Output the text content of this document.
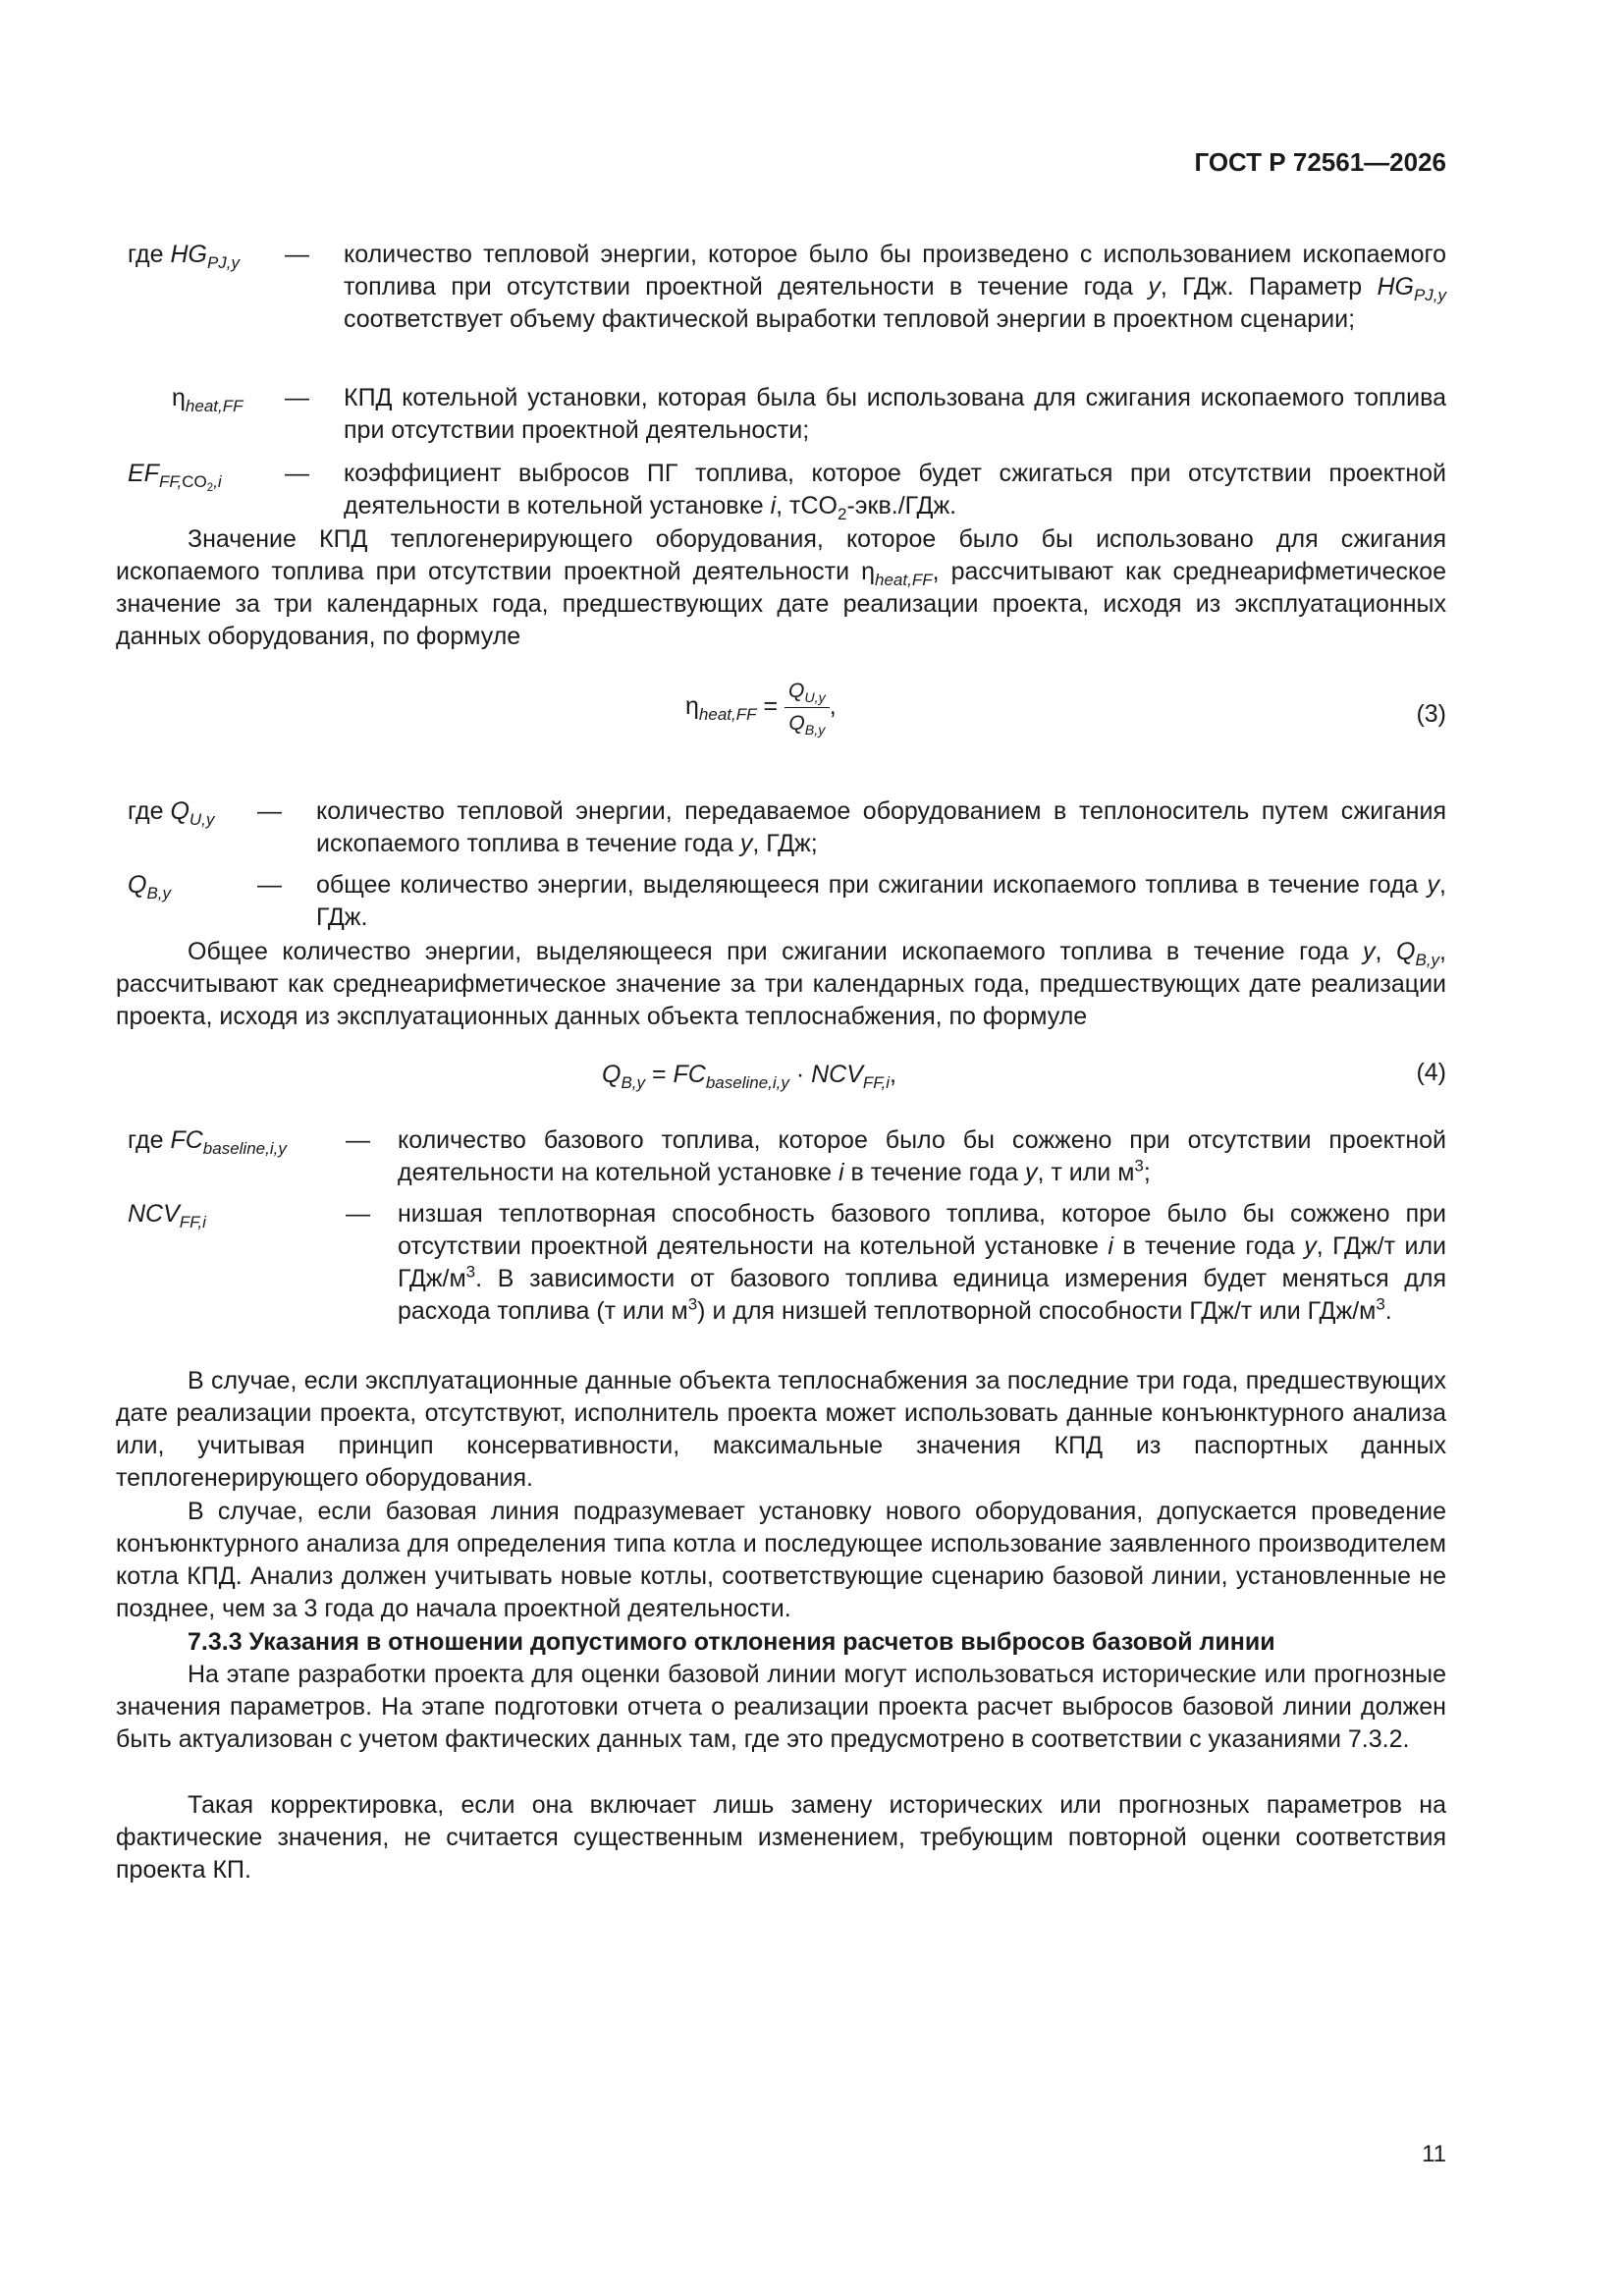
ГОСТ Р 72561—2026
где $HG_{PJ,y}$ — количество тепловой энергии, которое было бы произведено с использованием ископаемого топлива при отсутствии проектной деятельности в течение года y, ГДж. Параметр $HG_{PJ,y}$ соответствует объему фактической выработки тепловой энергии в проектном сценарии;
$\eta_{heat,FF}$ — КПД котельной установки, которая была бы использована для сжигания ископаемого топлива при отсутствии проектной деятельности;
$EF_{FF,CO_2,i}$	— коэффициент выбросов ПГ топлива, которое будет сжигаться при отсутствии проектной деятельности в котельной установке i, тCO$_2$-экв./ГДж.

Значение КПД теплогенерирующего оборудования, которое было бы использовано для сжигания ископаемого топлива при отсутствии проектной деятельности $\eta_{heat,FF}$, рассчитывают как среднеарифметическое значение за три календарных года, предшествующих дате реализации проекта, исходя из эксплуатационных данных оборудования, по формуле

$\eta_{heat,FF} = \frac{Q_{U,y}}{Q_{B,y}}$ ,	(3)
где $Q_{U,y}$ — количество тепловой энергии, передаваемое оборудованием в теплоноситель путем сжигания ископаемого топлива в течение года y, ГДж;
$Q_{B,y}$	— общее количество энергии, выделяющееся при сжигании ископаемого топлива в течение года y, ГДж.

Общее количество энергии, выделяющееся при сжигании ископаемого топлива в течение года y, $Q_{B,y}$, рассчитывают как среднеарифметическое значение за три календарных года, предшествующих дате реализации проекта, исходя из эксплуатационных данных объекта теплоснабжения, по формуле

$Q_{B,y} = FC_{baseline,i,y} \cdot NCV_{FF,i}$,	(4)
где $FC_{baseline,i,y}$ — количество базового топлива, которое было бы сожжено при отсутствии проектной деятельности на котельной установке i в течение года y, т или $м^3$;
$NCV_{FF,i}$	— низшая теплотворная способность базового топлива, которое было бы сожжено при отсутствии проектной деятельности на котельной установке i в течение года y, ГДж/т или ГДж/$м^3$. В зависимости от базового топлива единица измерения будет меняться для расхода топлива (т или $м^3$) и для низшей теплотворной способности ГДж/т или ГДж/$м^3$.

В случае, если эксплуатационные данные объекта теплоснабжения за последние три года, предшествующих дате реализации проекта, отсутствуют, исполнитель проекта может использовать данные конъюнктурного анализа или, учитывая принцип консервативности, максимальные значения КПД из паспортных данных теплогенерирующего оборудования.

В случае, если базовая линия подразумевает установку нового оборудования, допускается проведение конъюнктурного анализа для определения типа котла и последующее использование заявленного производителем котла КПД. Анализ должен учитывать новые котлы, соответствующие сценарию базовой линии, установленные не позднее, чем за 3 года до начала проектной деятельности.

7.3.3 Указания в отношении допустимого отклонения расчетов выбросов базовой линии

На этапе разработки проекта для оценки базовой линии могут использоваться исторические или прогнозные значения параметров. На этапе подготовки отчета о реализации проекта расчет выбросов базовой линии должен быть актуализован с учетом фактических данных там, где это предусмотрено в соответствии с указаниями 7.3.2.

Такая корректировка, если она включает лишь замену исторических или прогнозных параметров на фактические значения, не считается существенным изменением, требующим повторной оценки соответствия проекта КП.

11
